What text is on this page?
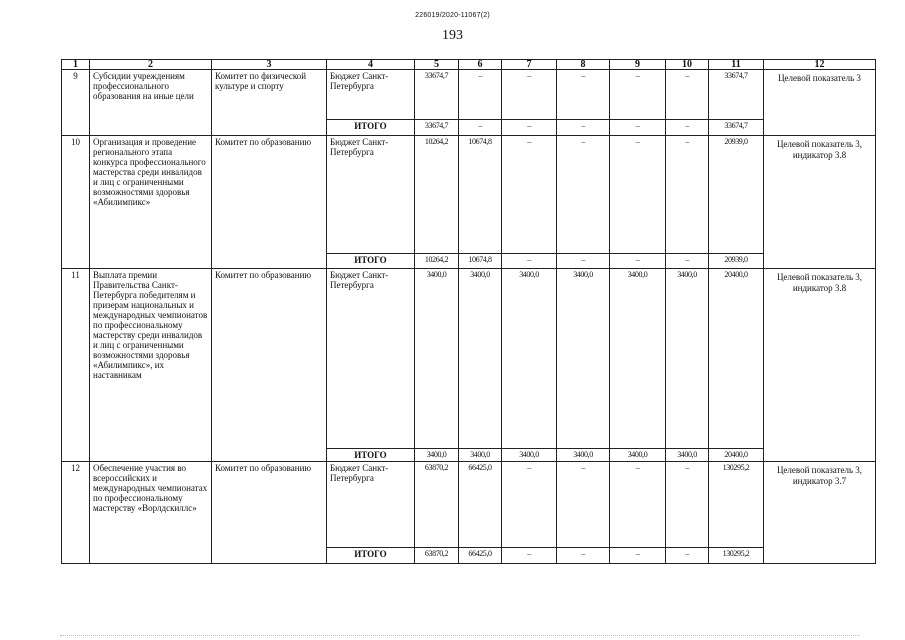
226019/2020-11067(2)
193
1	2	3	4	5	6	7	8	9	10	11	12
9	Субсидии учреждениям профессионального образования на иные цели	Комитет по физической культуре и спорту	Бюджет Санкт-Петербурга	33674,7	–	–	–	–	–	33674,7	Целевой показатель 3
			ИТОГО	33674,7	–	–	–	–	–	33674,7	
10	Организация и проведение регионального этапа конкурса профессионального мастерства среди инвалидов и лиц с ограниченными возможностями здоровья «Абилимпикс»	Комитет по образованию	Бюджет Санкт-Петербурга	10264,2	10674,8	–	–	–	–	20939,0	Целевой показатель 3, индикатор 3.8
			ИТОГО	10264,2	10674,8	–	–	–	–	20939,0	
11	Выплата премии Правительства Санкт-Петербурга победителям и призерам национальных и международных чемпионатов по профессиональному мастерству среди инвалидов и лиц с ограниченными возможностями здоровья «Абилимпикс», их наставникам	Комитет по образованию	Бюджет Санкт-Петербурга	3400,0	3400,0	3400,0	3400,0	3400,0	3400,0	20400,0	Целевой показатель 3, индикатор 3.8
			ИТОГО	3400,0	3400,0	3400,0	3400,0	3400,0	3400,0	20400,0	
12	Обеспечение участия во всероссийских и международных чемпионатах по профессиональному мастерству «Ворлдскиллс»	Комитет по образованию	Бюджет Санкт-Петербурга	63870,2	66425,0	–	–	–	–	130295,2	Целевой показатель 3, индикатор 3.7
			ИТОГО	63870,2	66425,0	–	–	–	–	130295,2	
